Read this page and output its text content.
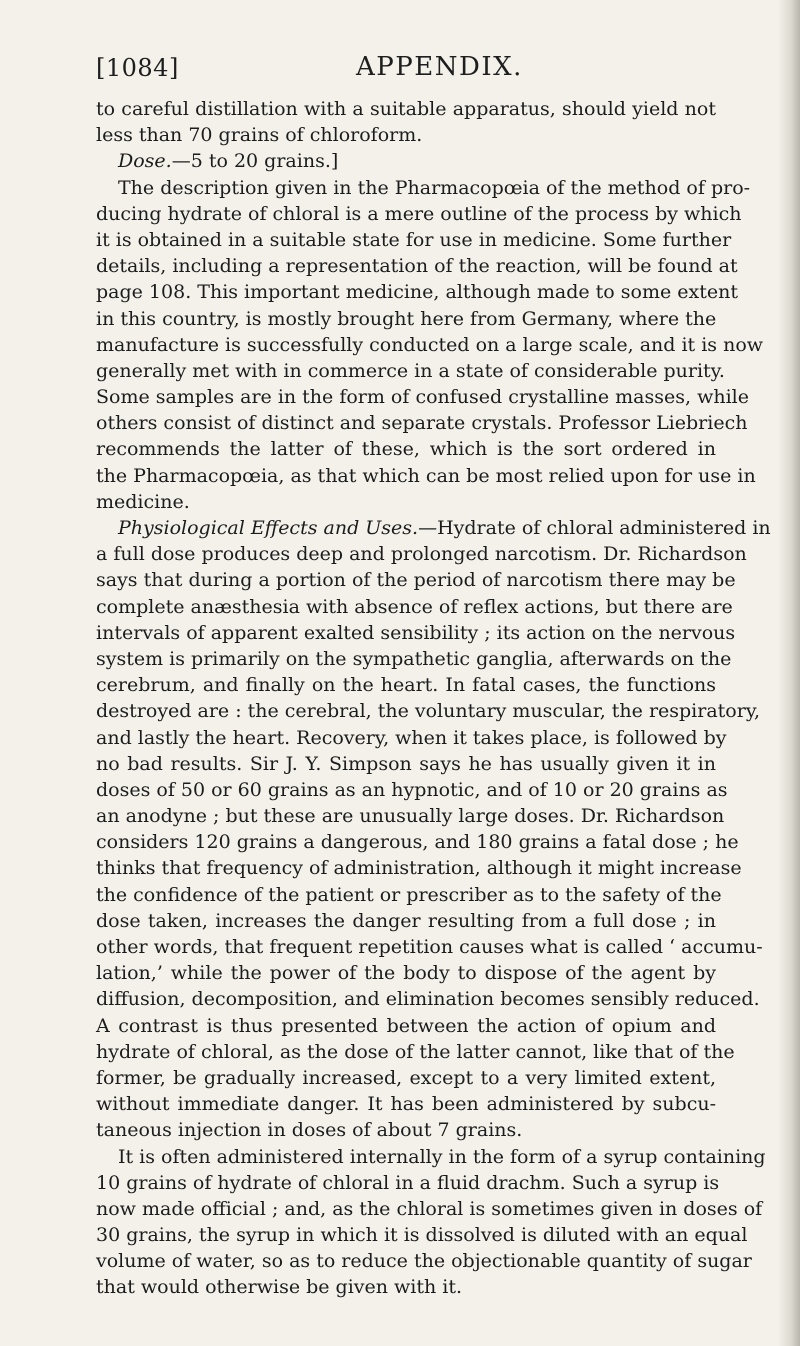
[1084]	APPENDIX.
to careful distillation with a suitable apparatus, should yield not
less than 70 grains of chloroform.
Dose.—5 to 20 grains.]
The description given in the Pharmacopœia of the method of pro-
ducing hydrate of chloral is a mere outline of the process by which
it is obtained in a suitable state for use in medicine. Some further
details, including a representation of the reaction, will be found at
page 108. This important medicine, although made to some extent
in this country, is mostly brought here from Germany, where the
manufacture is successfully conducted on a large scale, and it is now
generally met with in commerce in a state of considerable purity.
Some samples are in the form of confused crystalline masses, while
others consist of distinct and separate crystals. Professor Liebriech
recommends the latter of these, which is the sort ordered in
the Pharmacopœia, as that which can be most relied upon for use in
medicine.
Physiological Effects and Uses.—Hydrate of chloral administered in
a full dose produces deep and prolonged narcotism. Dr. Richardson
says that during a portion of the period of narcotism there may be
complete anæsthesia with absence of reflex actions, but there are
intervals of apparent exalted sensibility ; its action on the nervous
system is primarily on the sympathetic ganglia, afterwards on the
cerebrum, and finally on the heart. In fatal cases, the functions
destroyed are : the cerebral, the voluntary muscular, the respiratory,
and lastly the heart. Recovery, when it takes place, is followed by
no bad results. Sir J. Y. Simpson says he has usually given it in
doses of 50 or 60 grains as an hypnotic, and of 10 or 20 grains as
an anodyne ; but these are unusually large doses. Dr. Richardson
considers 120 grains a dangerous, and 180 grains a fatal dose ; he
thinks that frequency of administration, although it might increase
the confidence of the patient or prescriber as to the safety of the
dose taken, increases the danger resulting from a full dose ; in
other words, that frequent repetition causes what is called ‘ accumu-
lation,’ while the power of the body to dispose of the agent by
diffusion, decomposition, and elimination becomes sensibly reduced.
A contrast is thus presented between the action of opium and
hydrate of chloral, as the dose of the latter cannot, like that of the
former, be gradually increased, except to a very limited extent,
without immediate danger. It has been administered by subcu-
taneous injection in doses of about 7 grains.
It is often administered internally in the form of a syrup containing
10 grains of hydrate of chloral in a fluid drachm. Such a syrup is
now made official ; and, as the chloral is sometimes given in doses of
30 grains, the syrup in which it is dissolved is diluted with an equal
volume of water, so as to reduce the objectionable quantity of sugar
that would otherwise be given with it.
